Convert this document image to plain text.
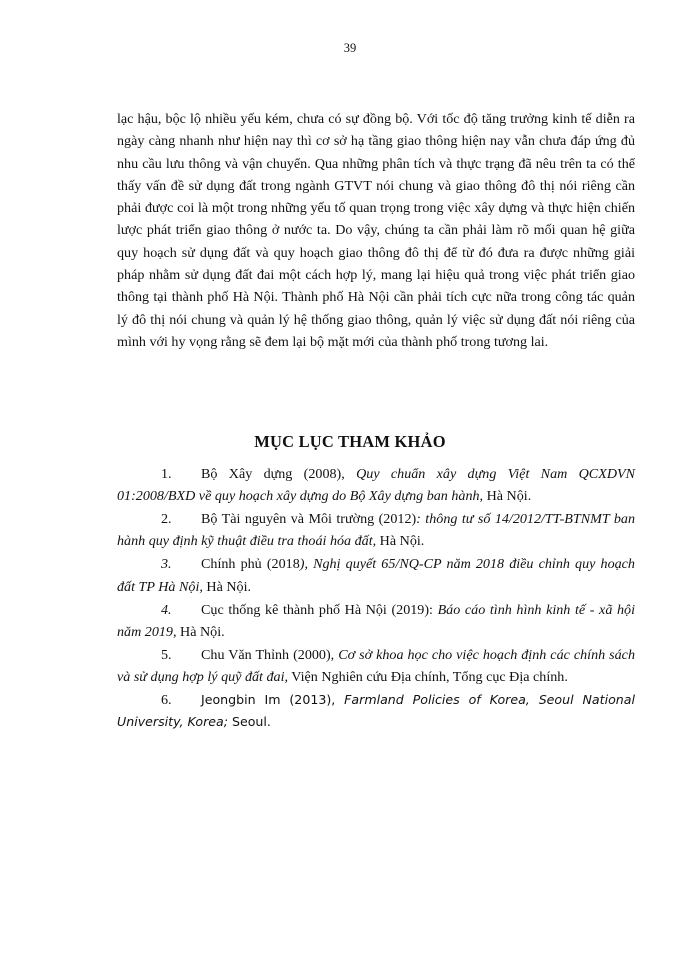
39

lạc hậu, bộc lộ nhiều yếu kém, chưa có sự đồng bộ. Với tốc độ tăng trưởng kinh tế diễn ra ngày càng nhanh như hiện nay thì cơ sở hạ tầng giao thông hiện nay vẫn chưa đáp ứng đủ nhu cầu lưu thông và vận chuyển. Qua những phân tích và thực trạng đã nêu trên ta có thể thấy vấn đề sử dụng đất trong ngành GTVT nói chung và giao thông đô thị nói riêng cần phải được coi là một trong những yếu tố quan trọng trong việc xây dựng và thực hiện chiến lược phát triển giao thông ở nước ta. Do vậy, chúng ta cần phải làm rõ mối quan hệ giữa quy hoạch sử dụng đất và quy hoạch giao thông đô thị để từ đó đưa ra được những giải pháp nhằm sử dụng đất đai một cách hợp lý, mang lại hiệu quả trong việc phát triển giao thông tại thành phố Hà Nội. Thành phố Hà Nội cần phải tích cực nữa trong công tác quản lý đô thị nói chung và quản lý hệ thống giao thông, quản lý việc sử dụng đất nói riêng của mình với hy vọng rằng sẽ đem lại bộ mặt mới của thành phố trong tương lai.

MỤC LỤC THAM KHẢO
1. Bộ Xây dựng (2008), Quy chuẩn xây dựng Việt Nam QCXDVN 01:2008/BXD về quy hoạch xây dựng do Bộ Xây dựng ban hành, Hà Nội.
2. Bộ Tài nguyên và Môi trường (2012): thông tư số 14/2012/TT-BTNMT ban hành quy định kỹ thuật điều tra thoái hóa đất, Hà Nội.
3. Chính phủ (2018), Nghị quyết 65/NQ-CP năm 2018 điều chỉnh quy hoạch đất TP Hà Nội, Hà Nội.
4. Cục thống kê thành phố Hà Nội (2019): Báo cáo tình hình kinh tế - xã hội năm 2019, Hà Nội.
5. Chu Văn Thỉnh (2000), Cơ sở khoa học cho việc hoạch định các chính sách và sử dụng hợp lý quỹ đất đai, Viện Nghiên cứu Địa chính, Tổng cục Địa chính.
6. Jeongbin Im (2013), Farmland Policies of Korea, Seoul National University, Korea; Seoul.
